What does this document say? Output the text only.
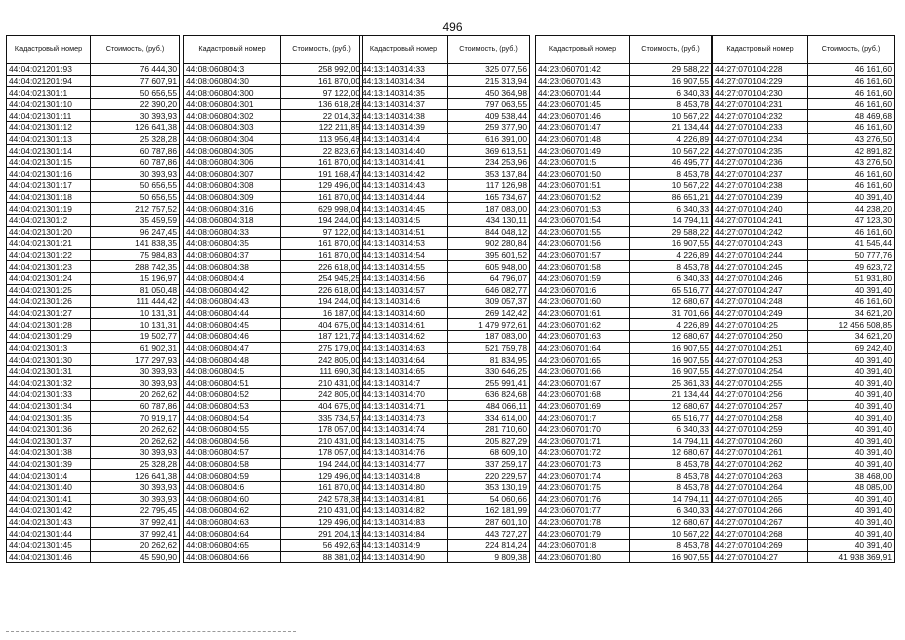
496
Кадастровый номер	Стоимость, (руб.)
44:04:021201:93	76 444,30
44:04:021201:94	77 607,91
44:04:021301:1	50 656,55
44:04:021301:10	22 390,20
44:04:021301:11	30 393,93
44:04:021301:12	126 641,38
44:04:021301:13	25 328,28
44:04:021301:14	60 787,86
44:04:021301:15	60 787,86
44:04:021301:16	30 393,93
44:04:021301:17	50 656,55
44:04:021301:18	50 656,55
44:04:021301:19	212 757,52
44:04:021301:2	35 459,59
44:04:021301:20	96 247,45
44:04:021301:21	141 838,35
44:04:021301:22	75 984,83
44:04:021301:23	288 742,35
44:04:021301:24	15 196,97
44:04:021301:25	81 050,48
44:04:021301:26	111 444,42
44:04:021301:27	10 131,31
44:04:021301:28	10 131,31
44:04:021301:29	19 502,77
44:04:021301:3	61 902,31
44:04:021301:30	177 297,93
44:04:021301:31	30 393,93
44:04:021301:32	30 393,93
44:04:021301:33	20 262,62
44:04:021301:34	60 787,86
44:04:021301:35	70 919,17
44:04:021301:36	20 262,62
44:04:021301:37	20 262,62
44:04:021301:38	30 393,93
44:04:021301:39	25 328,28
44:04:021301:4	126 641,38
44:04:021301:40	30 393,93
44:04:021301:41	30 393,93
44:04:021301:42	22 795,45
44:04:021301:43	37 992,41
44:04:021301:44	37 992,41
44:04:021301:45	20 262,62
44:04:021301:46	45 590,90
Кадастровый номер	Стоимость, (руб.)
44:08:060804:3	258 992,00
44:08:060804:30	161 870,00
44:08:060804:300	97 122,00
44:08:060804:301	136 618,28
44:08:060804:302	22 014,32
44:08:060804:303	122 211,85
44:08:060804:304	113 956,48
44:08:060804:305	22 823,67
44:08:060804:306	161 870,00
44:08:060804:307	191 168,47
44:08:060804:308	129 496,00
44:08:060804:309	161 870,00
44:08:060804:316	629 998,04
44:08:060804:318	194 244,00
44:08:060804:33	97 122,00
44:08:060804:35	161 870,00
44:08:060804:37	161 870,00
44:08:060804:38	226 618,00
44:08:060804:4	254 945,25
44:08:060804:42	226 618,00
44:08:060804:43	194 244,00
44:08:060804:44	16 187,00
44:08:060804:45	404 675,00
44:08:060804:46	187 121,72
44:08:060804:47	275 179,00
44:08:060804:48	242 805,00
44:08:060804:5	111 690,30
44:08:060804:51	210 431,00
44:08:060804:52	242 805,00
44:08:060804:53	404 675,00
44:08:060804:54	335 734,57
44:08:060804:55	178 057,00
44:08:060804:56	210 431,00
44:08:060804:57	178 057,00
44:08:060804:58	194 244,00
44:08:060804:59	129 496,00
44:08:060804:6	161 870,00
44:08:060804:60	242 578,38
44:08:060804:62	210 431,00
44:08:060804:63	129 496,00
44:08:060804:64	291 204,13
44:08:060804:65	56 492,63
44:08:060804:66	88 381,02
Кадастровый номер	Стоимость, (руб.)
44:13:140314:33	325 077,56
44:13:140314:34	215 313,94
44:13:140314:35	450 364,98
44:13:140314:37	797 063,55
44:13:140314:38	409 538,44
44:13:140314:39	259 377,90
44:13:140314:4	616 391,00
44:13:140314:40	369 613,51
44:13:140314:41	234 253,96
44:13:140314:42	353 137,84
44:13:140314:43	117 126,98
44:13:140314:44	165 734,67
44:13:140314:45	187 083,00
44:13:140314:5	434 130,11
44:13:140314:51	844 048,12
44:13:140314:53	902 280,84
44:13:140314:54	395 601,52
44:13:140314:55	605 948,00
44:13:140314:56	64 796,07
44:13:140314:57	646 082,77
44:13:140314:6	309 057,37
44:13:140314:60	269 142,42
44:13:140314:61	1 479 972,61
44:13:140314:62	187 083,00
44:13:140314:63	521 759,78
44:13:140314:64	81 834,95
44:13:140314:65	330 646,25
44:13:140314:7	255 991,41
44:13:140314:70	636 824,68
44:13:140314:71	484 066,11
44:13:140314:73	334 614,00
44:13:140314:74	281 710,60
44:13:140314:75	205 827,29
44:13:140314:76	68 609,10
44:13:140314:77	337 259,17
44:13:140314:8	220 229,57
44:13:140314:80	353 130,19
44:13:140314:81	54 060,66
44:13:140314:82	162 181,99
44:13:140314:83	287 601,10
44:13:140314:84	443 727,27
44:13:140314:9	224 814,24
44:13:140314:90	9 809,38
Кадастровый номер	Стоимость, (руб.)
44:23:060701:42	29 588,22
44:23:060701:43	16 907,55
44:23:060701:44	6 340,33
44:23:060701:45	8 453,78
44:23:060701:46	10 567,22
44:23:060701:47	21 134,44
44:23:060701:48	4 226,89
44:23:060701:49	10 567,22
44:23:060701:5	46 495,77
44:23:060701:50	8 453,78
44:23:060701:51	10 567,22
44:23:060701:52	86 651,21
44:23:060701:53	6 340,33
44:23:060701:54	14 794,11
44:23:060701:55	29 588,22
44:23:060701:56	16 907,55
44:23:060701:57	4 226,89
44:23:060701:58	8 453,78
44:23:060701:59	6 340,33
44:23:060701:6	65 516,77
44:23:060701:60	12 680,67
44:23:060701:61	31 701,66
44:23:060701:62	4 226,89
44:23:060701:63	12 680,67
44:23:060701:64	16 907,55
44:23:060701:65	16 907,55
44:23:060701:66	16 907,55
44:23:060701:67	25 361,33
44:23:060701:68	21 134,44
44:23:060701:69	12 680,67
44:23:060701:7	65 516,77
44:23:060701:70	6 340,33
44:23:060701:71	14 794,11
44:23:060701:72	12 680,67
44:23:060701:73	8 453,78
44:23:060701:74	8 453,78
44:23:060701:75	8 453,78
44:23:060701:76	14 794,11
44:23:060701:77	6 340,33
44:23:060701:78	12 680,67
44:23:060701:79	10 567,22
44:23:060701:8	8 453,78
44:23:060701:80	16 907,55
Кадастровый номер	Стоимость, (руб.)
44:27:070104:228	46 161,60
44:27:070104:229	46 161,60
44:27:070104:230	46 161,60
44:27:070104:231	46 161,60
44:27:070104:232	48 469,68
44:27:070104:233	46 161,60
44:27:070104:234	43 276,50
44:27:070104:235	42 891,82
44:27:070104:236	43 276,50
44:27:070104:237	46 161,60
44:27:070104:238	46 161,60
44:27:070104:239	40 391,40
44:27:070104:240	44 238,20
44:27:070104:241	47 123,30
44:27:070104:242	46 161,60
44:27:070104:243	41 545,44
44:27:070104:244	50 777,76
44:27:070104:245	49 623,72
44:27:070104:246	51 931,80
44:27:070104:247	40 391,40
44:27:070104:248	46 161,60
44:27:070104:249	34 621,20
44:27:070104:25	12 456 508,85
44:27:070104:250	34 621,20
44:27:070104:251	69 242,40
44:27:070104:253	40 391,40
44:27:070104:254	40 391,40
44:27:070104:255	40 391,40
44:27:070104:256	40 391,40
44:27:070104:257	40 391,40
44:27:070104:258	40 391,40
44:27:070104:259	40 391,40
44:27:070104:260	40 391,40
44:27:070104:261	40 391,40
44:27:070104:262	40 391,40
44:27:070104:263	38 468,00
44:27:070104:264	48 085,00
44:27:070104:265	40 391,40
44:27:070104:266	40 391,40
44:27:070104:267	40 391,40
44:27:070104:268	40 391,40
44:27:070104:269	40 391,40
44:27:070104:27	41 938 369,91
